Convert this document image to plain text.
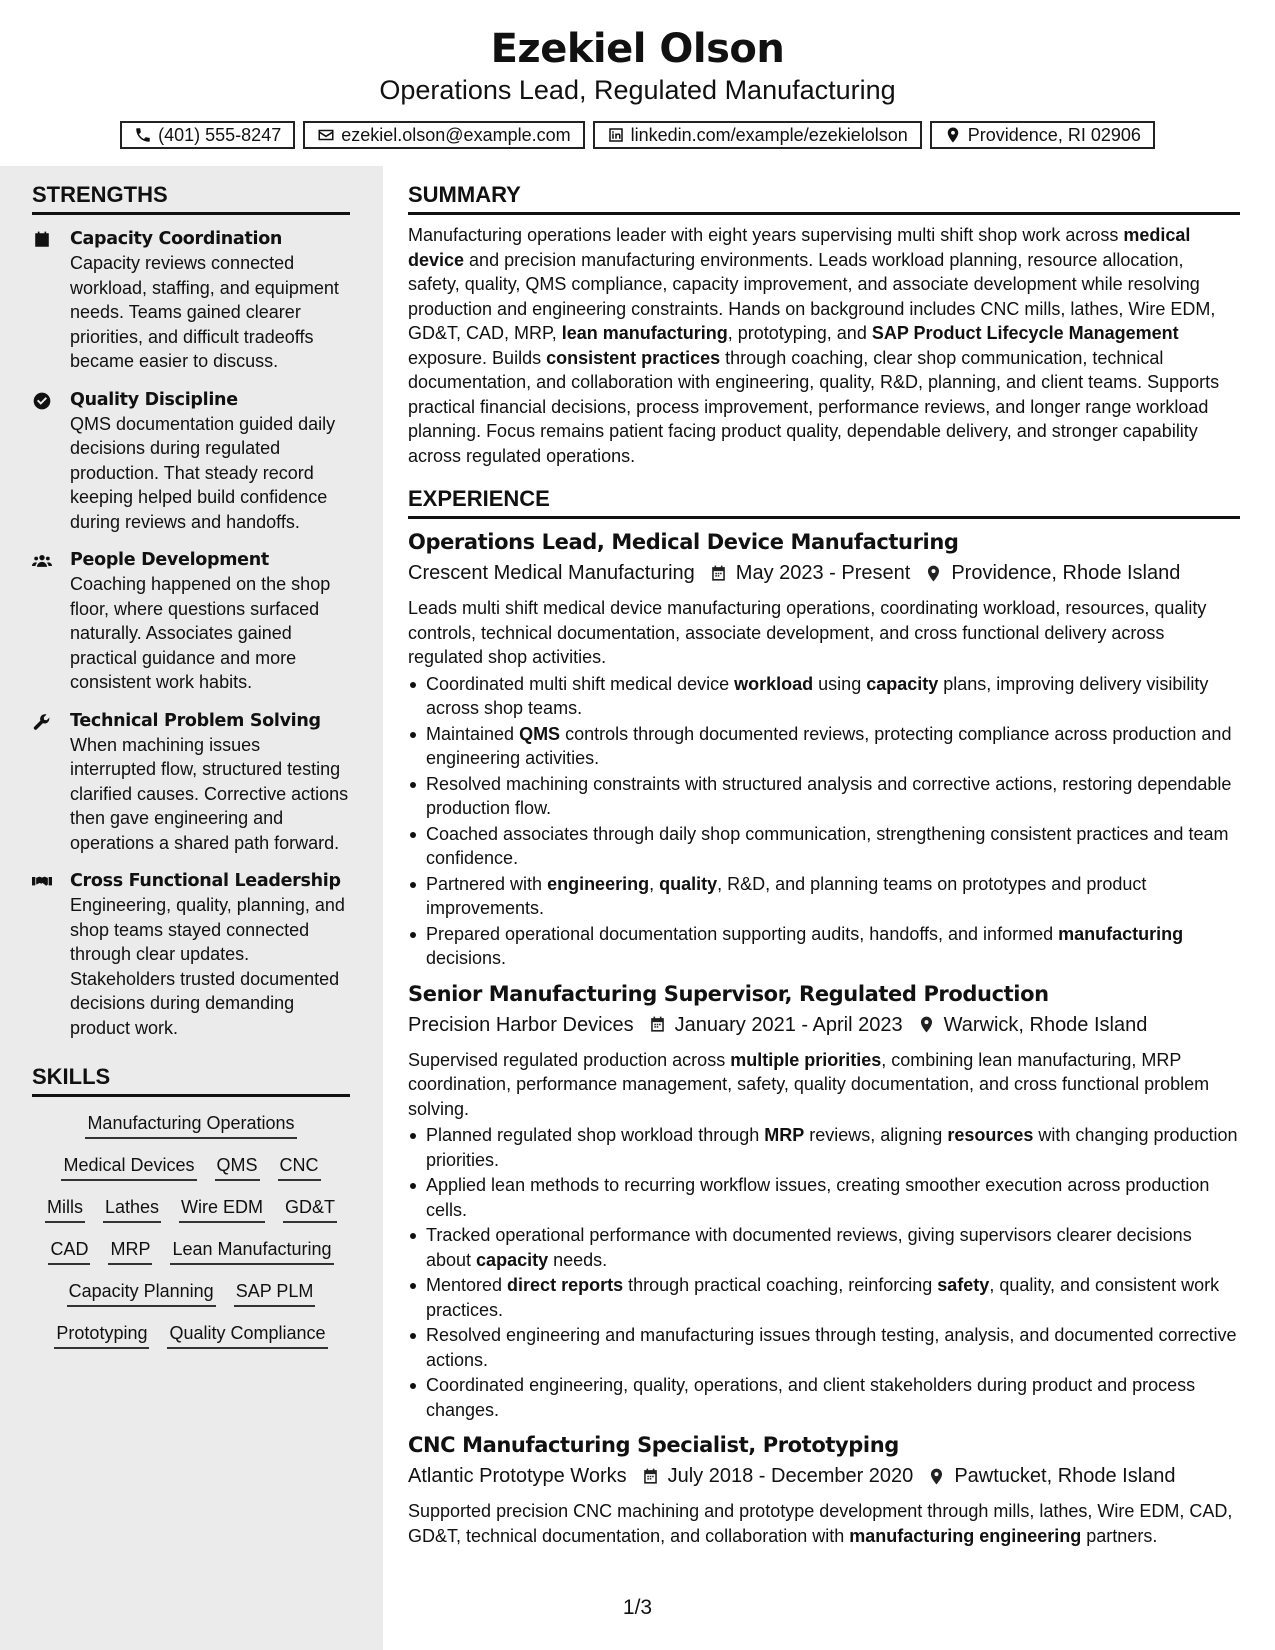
Ezekiel Olson

Operations Lead, Regulated Manufacturing

(401) 555-8247	ezekiel.olson@example.com	linkedin.com/example/ezekielolson	Providence, RI 02906
STRENGTHS
Capacity Coordination
Capacity reviews connected workload, staffing, and equipment needs. Teams gained clearer priorities, and difficult tradeoffs became easier to discuss.
Quality Discipline
QMS documentation guided daily decisions during regulated production. That steady record keeping helped build confidence during reviews and handoffs.
People Development
Coaching happened on the shop floor, where questions surfaced naturally. Associates gained practical guidance and more consistent work habits.
Technical Problem Solving
When machining issues interrupted flow, structured testing clarified causes. Corrective actions then gave engineering and operations a shared path forward.
Cross Functional Leadership
Engineering, quality, planning, and shop teams stayed connected through clear updates. Stakeholders trusted documented decisions during demanding product work.
SKILLS
Manufacturing Operations
Medical Devices QMS CNC
Mills Lathes Wire EDM GD&T
CAD MRP Lean Manufacturing
Capacity Planning SAP PLM
Prototyping Quality Compliance
SUMMARY

Manufacturing operations leader with eight years supervising multi shift shop work across medical device and precision manufacturing environments. Leads workload planning, resource allocation, safety, quality, QMS compliance, capacity improvement, and associate development while resolving production and engineering constraints. Hands on background includes CNC mills, lathes, Wire EDM, GD&T, CAD, MRP, lean manufacturing, prototyping, and SAP Product Lifecycle Management exposure. Builds consistent practices through coaching, clear shop communication, technical documentation, and collaboration with engineering, quality, R&D, planning, and client teams. Supports practical financial decisions, process improvement, performance reviews, and longer range workload planning. Focus remains patient facing product quality, dependable delivery, and stronger capability across regulated operations.

EXPERIENCE
Operations Lead, Medical Device Manufacturing
Crescent Medical Manufacturing May 2023 - Present Providence, Rhode Island
Leads multi shift medical device manufacturing operations, coordinating workload, resources, quality controls, technical documentation, associate development, and cross functional delivery across regulated shop activities.
Coordinated multi shift medical device workload using capacity plans, improving delivery visibility across shop teams.
Maintained QMS controls through documented reviews, protecting compliance across production and engineering activities.
Resolved machining constraints with structured analysis and corrective actions, restoring dependable production flow.
Coached associates through daily shop communication, strengthening consistent practices and team confidence.
Partnered with engineering, quality, R&D, and planning teams on prototypes and product improvements.
Prepared operational documentation supporting audits, handoffs, and informed manufacturing decisions.
Senior Manufacturing Supervisor, Regulated Production
Precision Harbor Devices January 2021 - April 2023 Warwick, Rhode Island
Supervised regulated production across multiple priorities, combining lean manufacturing, MRP coordination, performance management, safety, quality documentation, and cross functional problem solving.
Planned regulated shop workload through MRP reviews, aligning resources with changing production priorities.
Applied lean methods to recurring workflow issues, creating smoother execution across production cells.
Tracked operational performance with documented reviews, giving supervisors clearer decisions about capacity needs.
Mentored direct reports through practical coaching, reinforcing safety, quality, and consistent work practices.
Resolved engineering and manufacturing issues through testing, analysis, and documented corrective actions.
Coordinated engineering, quality, operations, and client stakeholders during product and process changes.
CNC Manufacturing Specialist, Prototyping
Atlantic Prototype Works July 2018 - December 2020 Pawtucket, Rhode Island
Supported precision CNC machining and prototype development through mills, lathes, Wire EDM, CAD, GD&T, technical documentation, and collaboration with manufacturing engineering partners.
1/3
